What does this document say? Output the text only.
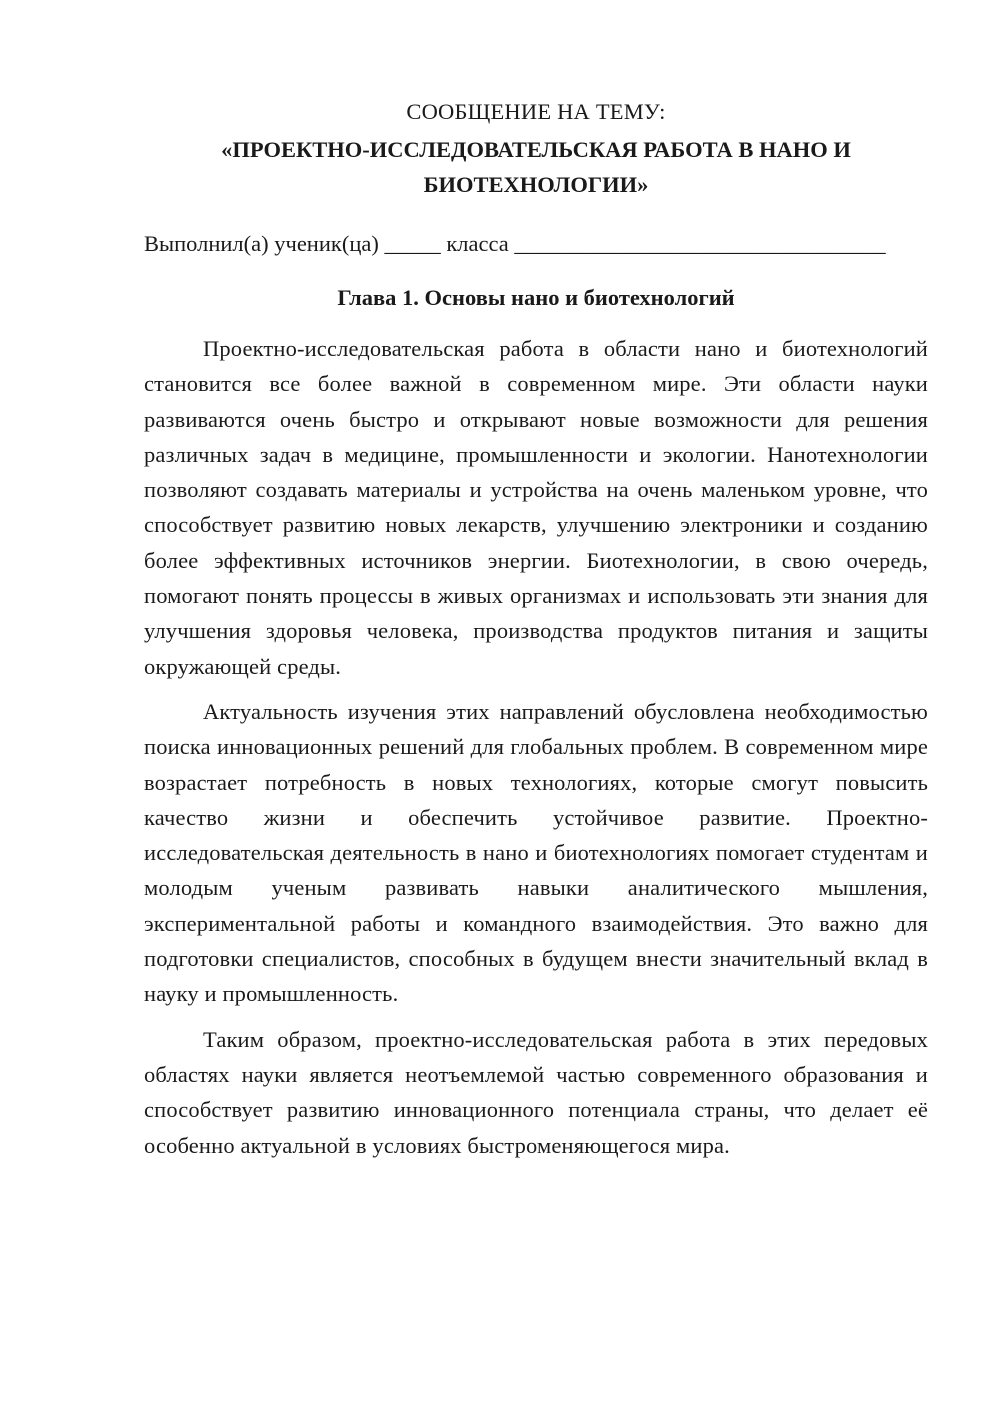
СООБЩЕНИЕ НА ТЕМУ:

«ПРОЕКТНО-ИССЛЕДОВАТЕЛЬСКАЯ РАБОТА В НАНО И

БИОТЕХНОЛОГИИ»

Выполнил(а) ученик(ца) _____ класса _________________________________
Глава 1. Основы нано и биотехнологий

Проектно-исследовательская работа в области нано и биотехнологий становится все более важной в современном мире. Эти области науки развиваются очень быстро и открывают новые возможности для решения различных задач в медицине, промышленности и экологии. Нанотехнологии позволяют создавать материалы и устройства на очень маленьком уровне, что способствует развитию новых лекарств, улучшению электроники и созданию более эффективных источников энергии. Биотехнологии, в свою очередь, помогают понять процессы в живых организмах и использовать эти знания для улучшения здоровья человека, производства продуктов питания и защиты окружающей среды.

Актуальность изучения этих направлений обусловлена необходимостью поиска инновационных решений для глобальных проблем. В современном мире возрастает потребность в новых технологиях, которые смогут повысить качество жизни и обеспечить устойчивое развитие. Проектно-исследовательская деятельность в нано и биотехнологиях помогает студентам и молодым ученым развивать навыки аналитического мышления, экспериментальной работы и командного взаимодействия. Это важно для подготовки специалистов, способных в будущем внести значительный вклад в науку и промышленность.

Таким образом, проектно-исследовательская работа в этих передовых областях науки является неотъемлемой частью современного образования и способствует развитию инновационного потенциала страны, что делает её особенно актуальной в условиях быстроменяющегося мира.
